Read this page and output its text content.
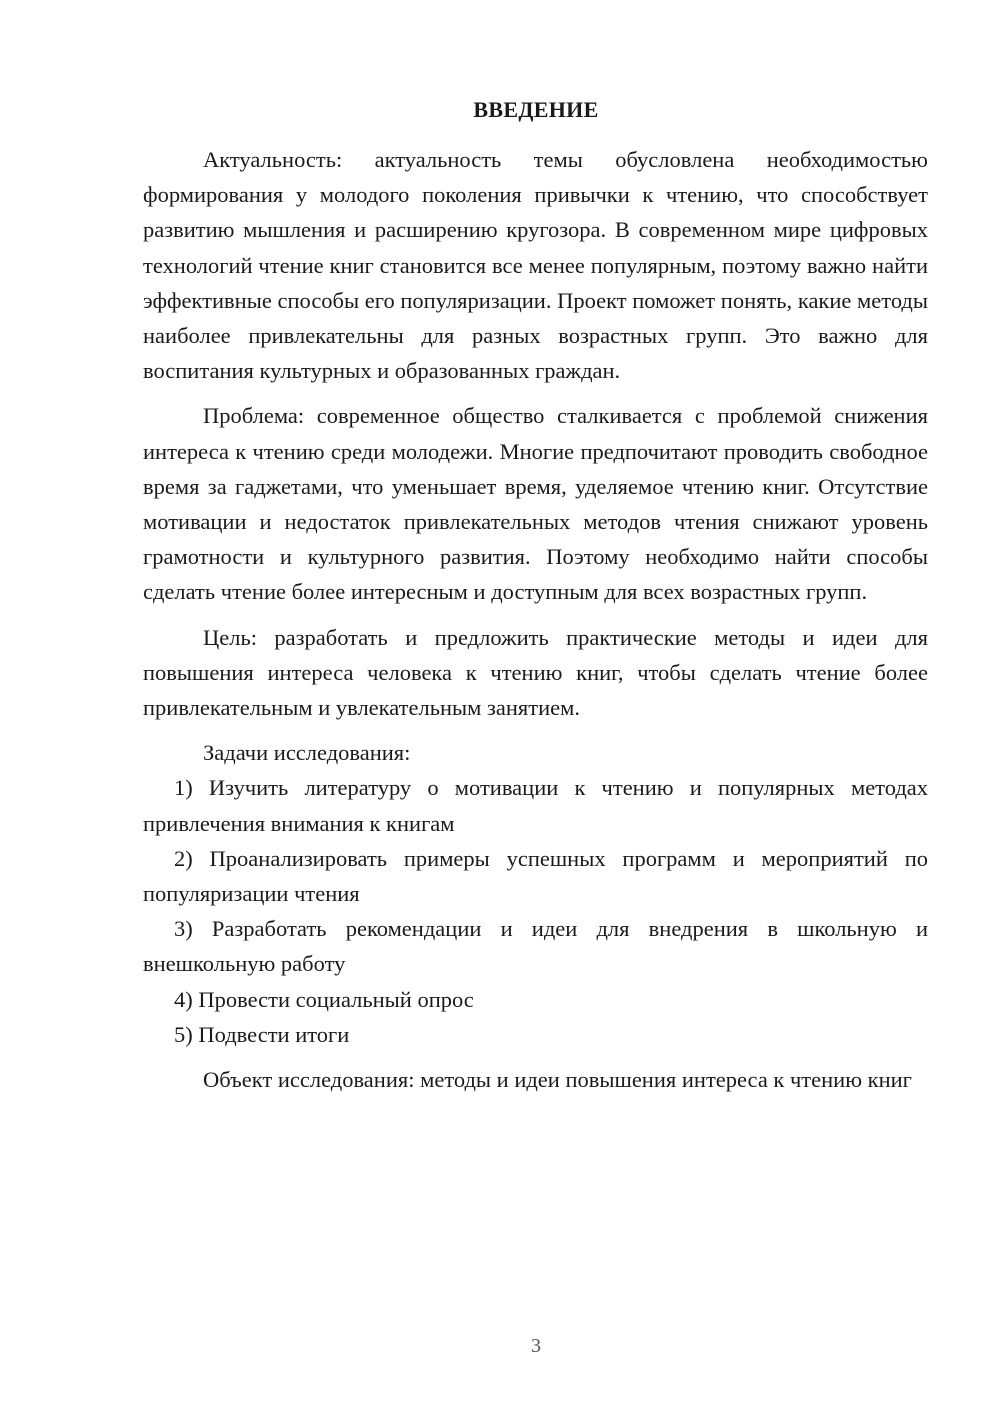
ВВЕДЕНИЕ

Актуальность: актуальность темы обусловлена необходимостью формирования у молодого поколения привычки к чтению, что способствует развитию мышления и расширению кругозора. В современном мире цифровых технологий чтение книг становится все менее популярным, поэтому важно найти эффективные способы его популяризации. Проект поможет понять, какие методы наиболее привлекательны для разных возрастных групп. Это важно для воспитания культурных и образованных граждан.

Проблема: современное общество сталкивается с проблемой снижения интереса к чтению среди молодежи. Многие предпочитают проводить свободное время за гаджетами, что уменьшает время, уделяемое чтению книг. Отсутствие мотивации и недостаток привлекательных методов чтения снижают уровень грамотности и культурного развития. Поэтому необходимо найти способы сделать чтение более интересным и доступным для всех возрастных групп.

Цель: разработать и предложить практические методы и идеи для повышения интереса человека к чтению книг, чтобы сделать чтение более привлекательным и увлекательным занятием.

Задачи исследования:

1) Изучить литературу о мотивации к чтению и популярных методах привлечения внимания к книгам

2) Проанализировать примеры успешных программ и мероприятий по популяризации чтения

3) Разработать рекомендации и идеи для внедрения в школьную и внешкольную работу

4) Провести социальный опрос

5) Подвести итоги

Объект исследования: методы и идеи повышения интереса к чтению книг

3
